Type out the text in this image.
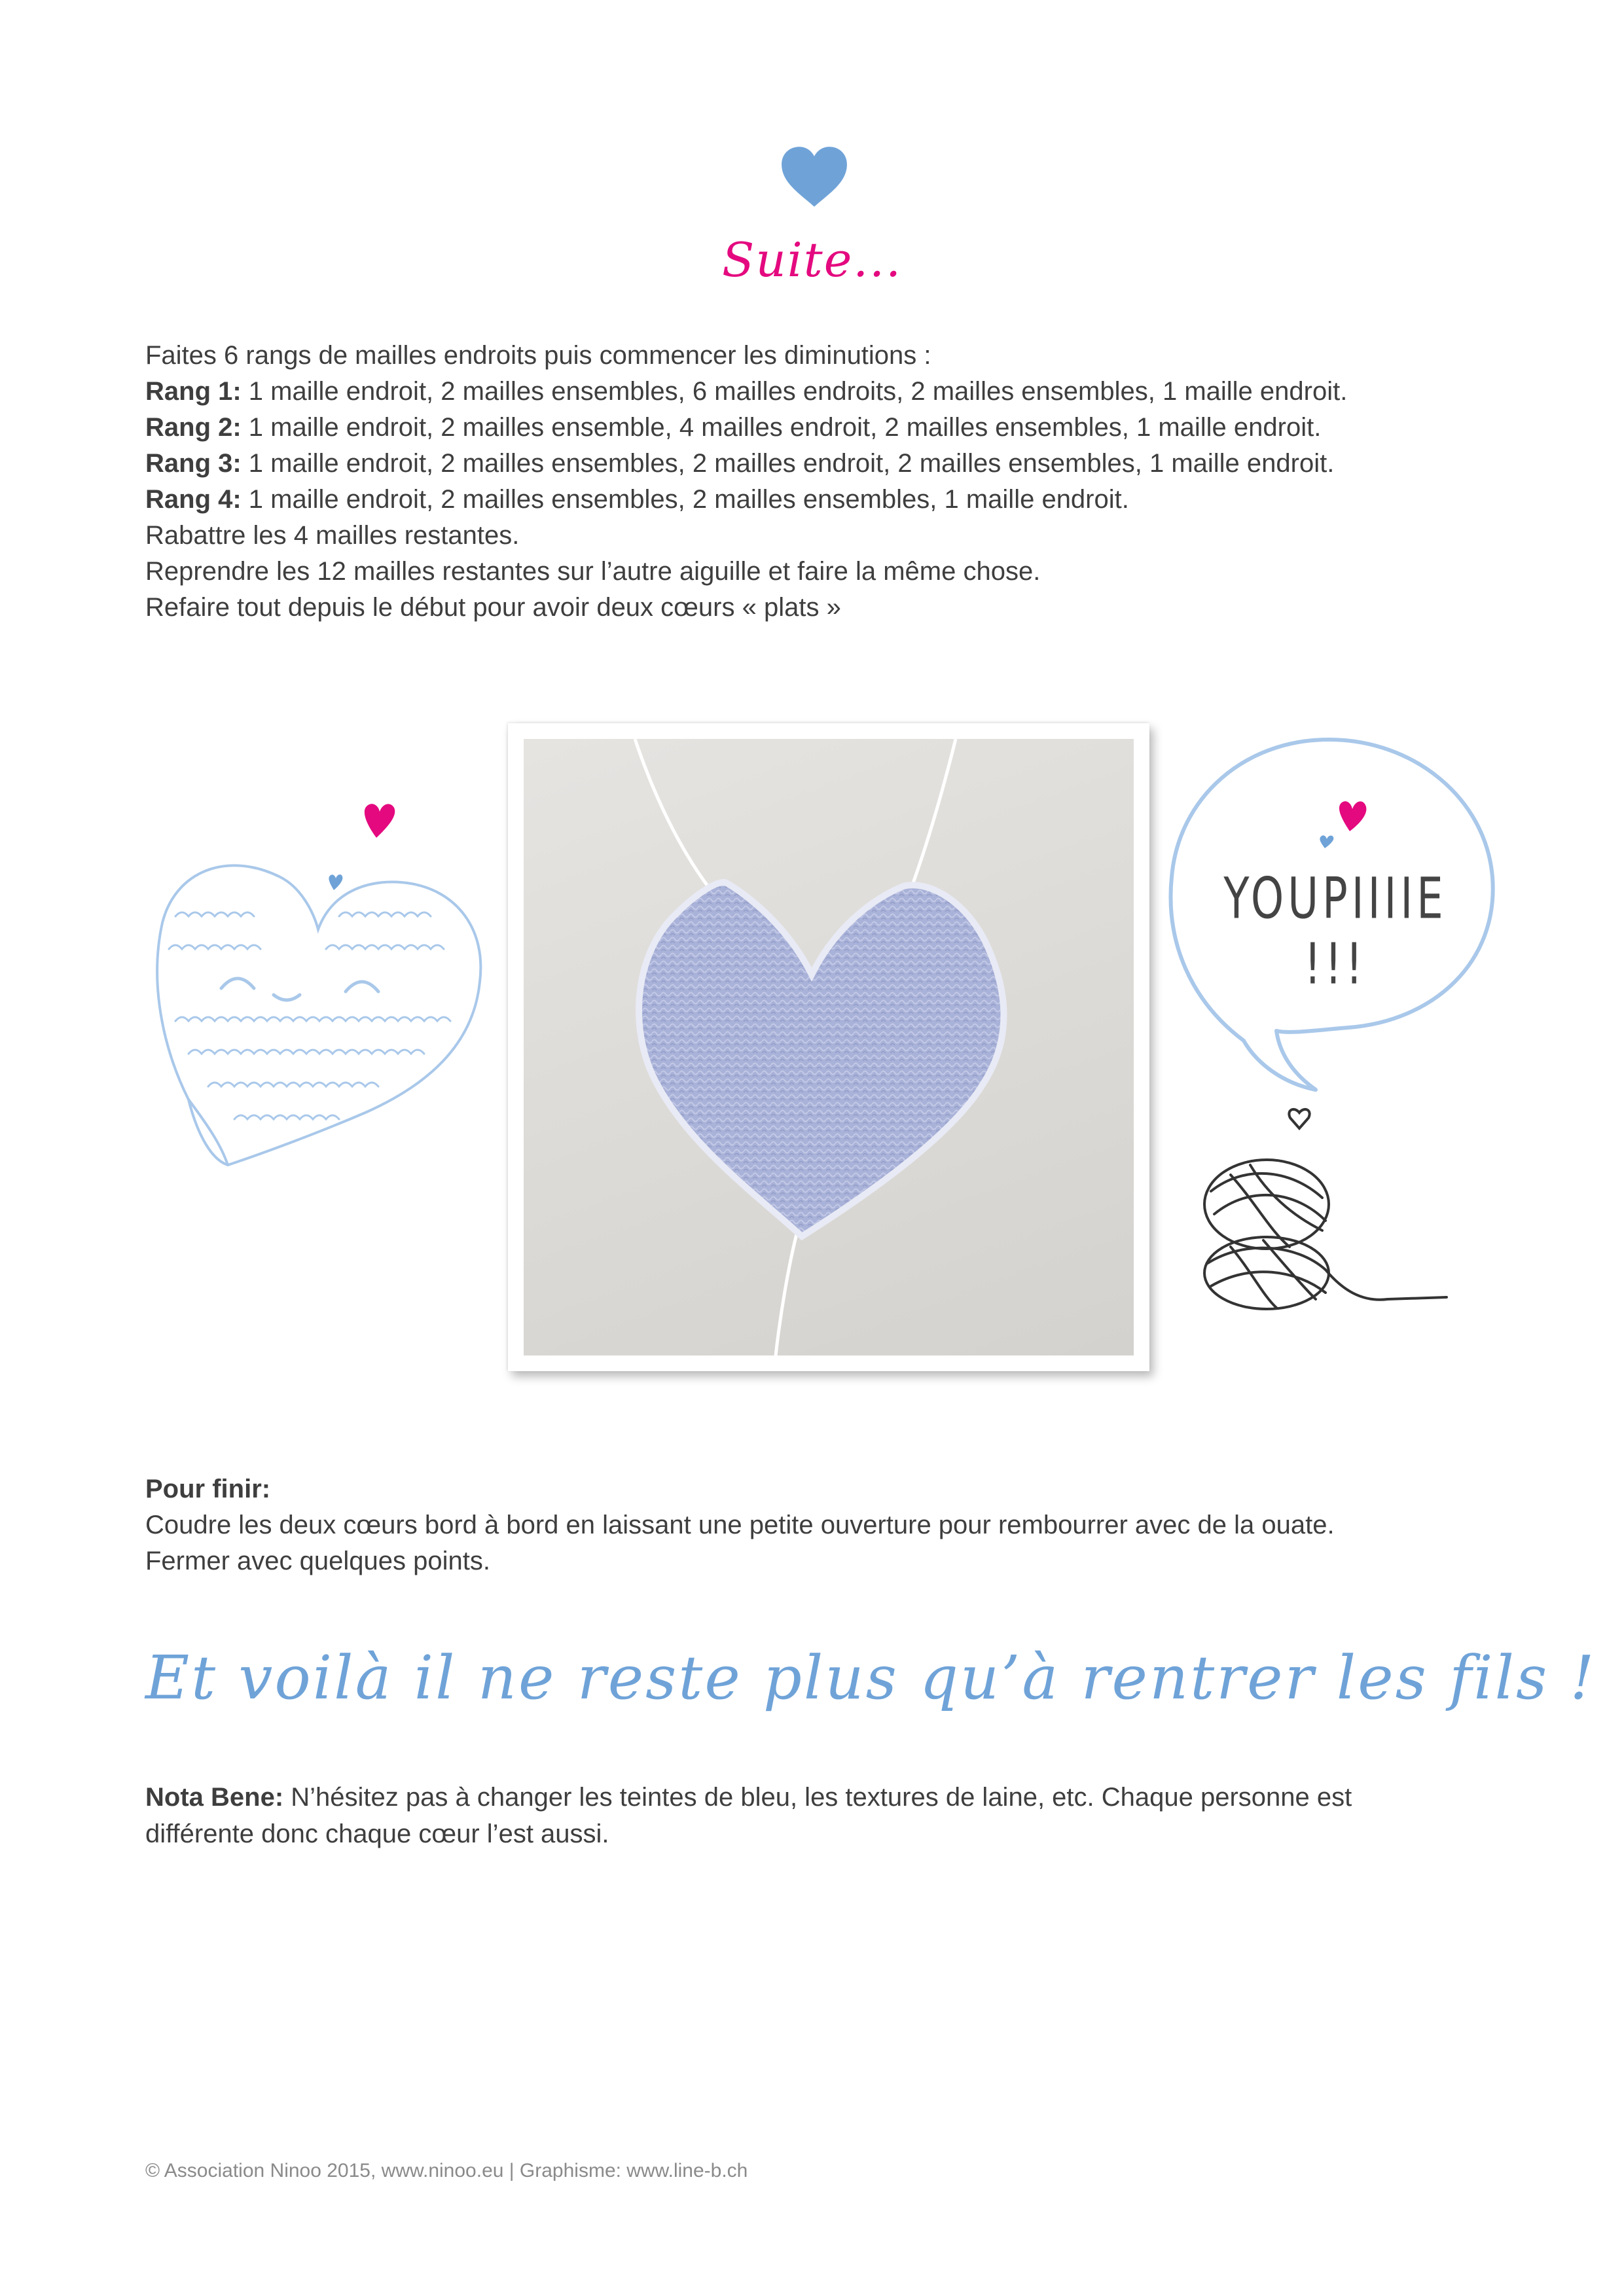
Suite...

Faites 6 rangs de mailles endroits puis commencer les diminutions :

Rang 1: 1 maille endroit, 2 mailles ensembles, 6 mailles endroits, 2 mailles ensembles, 1 maille endroit.

Rang 2: 1 maille endroit, 2 mailles ensemble, 4 mailles endroit, 2 mailles ensembles, 1 maille endroit.

Rang 3: 1 maille endroit, 2 mailles ensembles, 2 mailles endroit, 2 mailles ensembles, 1 maille endroit.

Rang 4: 1 maille endroit, 2 mailles ensembles, 2 mailles ensembles, 1 maille endroit.

Rabattre les 4 mailles restantes.

Reprendre les 12 mailles restantes sur l’autre aiguille et faire la même chose.

Refaire tout depuis le début pour avoir deux cœurs « plats »

YOUPIIIIE !!!

Pour finir:

Coudre les deux cœurs bord à bord en laissant une petite ouverture pour rembourrer avec de la ouate.

Fermer avec quelques points.

Et voilà il ne reste plus qu’à rentrer les fils !

Nota Bene: N’hésitez pas à changer les teintes de bleu, les textures de laine, etc. Chaque personne est

différente donc chaque cœur l’est aussi.

© Association Ninoo 2015, www.ninoo.eu | Graphisme: www.line-b.ch
